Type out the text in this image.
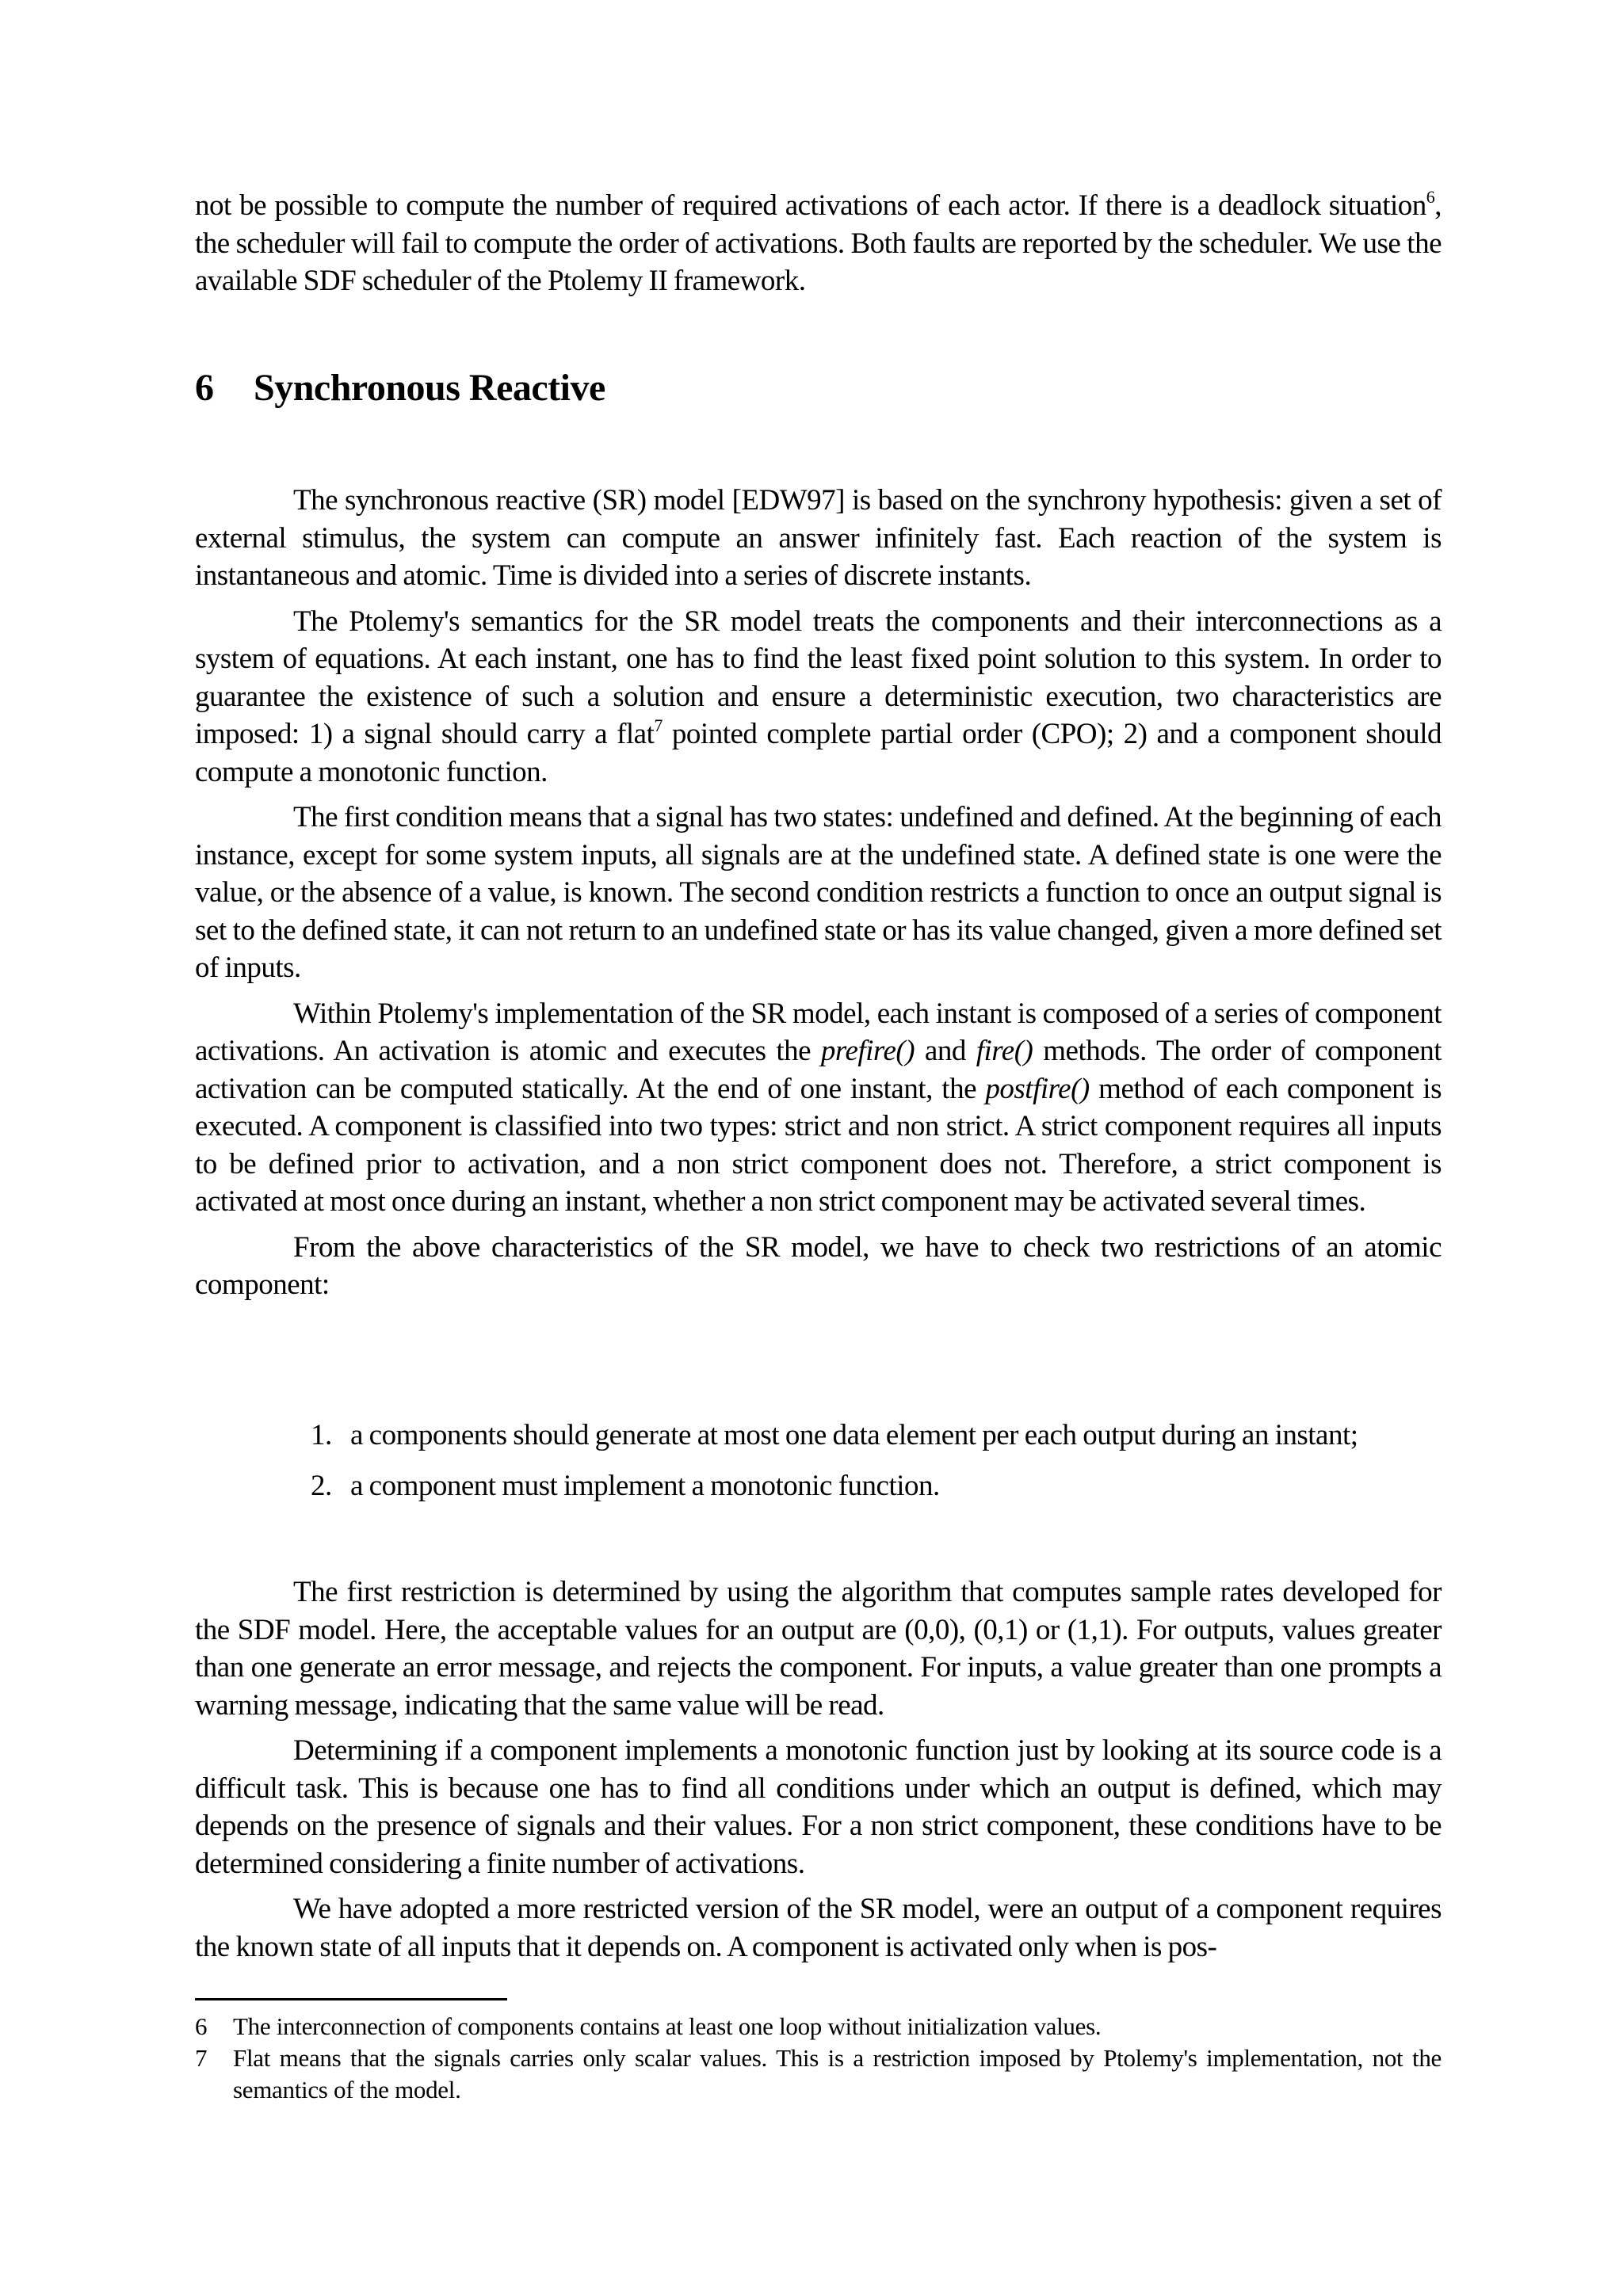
not be possible to compute the number of required activations of each actor. If there is a deadlock situation$^6$, the scheduler will fail to compute the order of activations. Both faults are reported by the scheduler. We use the available SDF scheduler of the Ptolemy II framework.

6 Synchronous Reactive

The synchronous reactive (SR) model [EDW97] is based on the synchrony hypothesis: given a set of external stimulus, the system can compute an answer infinitely fast. Each reaction of the system is instantaneous and atomic. Time is divided into a series of discrete instants.

The Ptolemy's semantics for the SR model treats the components and their interconnections as a system of equations. At each instant, one has to find the least fixed point solution to this system. In order to guarantee the existence of such a solution and ensure a deterministic execution, two characteristics are imposed: 1) a signal should carry a flat$^7$ pointed complete partial order (CPO); 2) and a component should compute a monotonic function.

The first condition means that a signal has two states: undefined and defined. At the beginning of each instance, except for some system inputs, all signals are at the undefined state. A defined state is one were the value, or the absence of a value, is known. The second condition restricts a function to once an output signal is set to the defined state, it can not return to an undefined state or has its value changed, given a more defined set of inputs.

Within Ptolemy's implementation of the SR model, each instant is composed of a series of component activations. An activation is atomic and executes the prefire() and fire() methods. The order of component activation can be computed statically. At the end of one instant, the postfire() method of each component is executed. A component is classified into two types: strict and non strict. A strict component requires all inputs to be defined prior to activation, and a non strict component does not. Therefore, a strict component is activated at most once during an instant, whether a non strict component may be activated several times.

From the above characteristics of the SR model, we have to check two restrictions of an atomic component:

1. a components should generate at most one data element per each output during an instant;
2. a component must implement a monotonic function.

The first restriction is determined by using the algorithm that computes sample rates developed for the SDF model. Here, the acceptable values for an output are (0,0), (0,1) or (1,1). For outputs, values greater than one generate an error message, and rejects the component. For inputs, a value greater than one prompts a warning message, indicating that the same value will be read.

Determining if a component implements a monotonic function just by looking at its source code is a difficult task. This is because one has to find all conditions under which an output is defined, which may depends on the presence of signals and their values. For a non strict component, these conditions have to be determined considering a finite number of activations.

We have adopted a more restricted version of the SR model, were an output of a component requires the known state of all inputs that it depends on. A component is activated only when is pos-

6 The interconnection of components contains at least one loop without initialization values.
7 Flat means that the signals carries only scalar values. This is a restriction imposed by Ptolemy's implementation, not the semantics of the model.
